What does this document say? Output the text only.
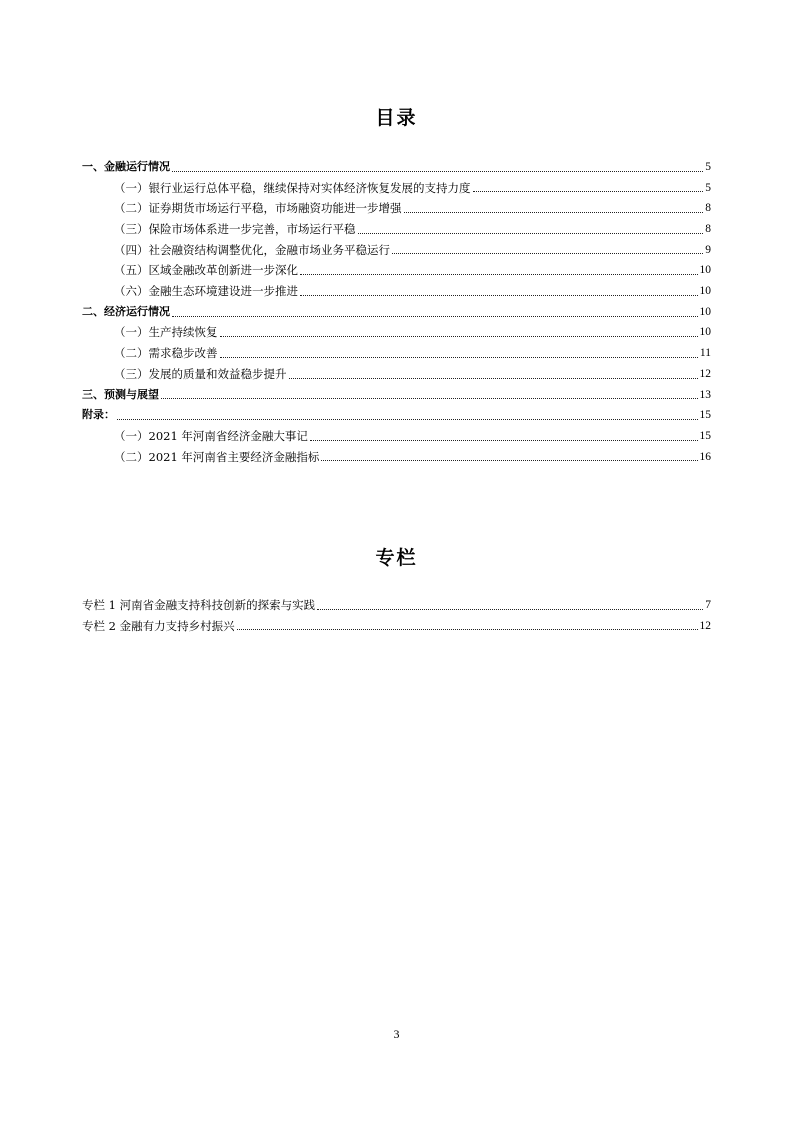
目录
一、金融运行情况	5
（一）银行业运行总体平稳，继续保持对实体经济恢复发展的支持力度	5
（二）证券期货市场运行平稳，市场融资功能进一步增强	8
（三）保险市场体系进一步完善，市场运行平稳	8
（四）社会融资结构调整优化，金融市场业务平稳运行	9
（五）区域金融改革创新进一步深化	10
（六）金融生态环境建设进一步推进	10
二、经济运行情况	10
（一）生产持续恢复	10
（二）需求稳步改善	11
（三）发展的质量和效益稳步提升	12
三、预测与展望	13
附录：	15
（一）2021 年河南省经济金融大事记	15
（二）2021 年河南省主要经济金融指标	16
专栏
专栏 1 河南省金融支持科技创新的探索与实践	7
专栏 2 金融有力支持乡村振兴	12
3
